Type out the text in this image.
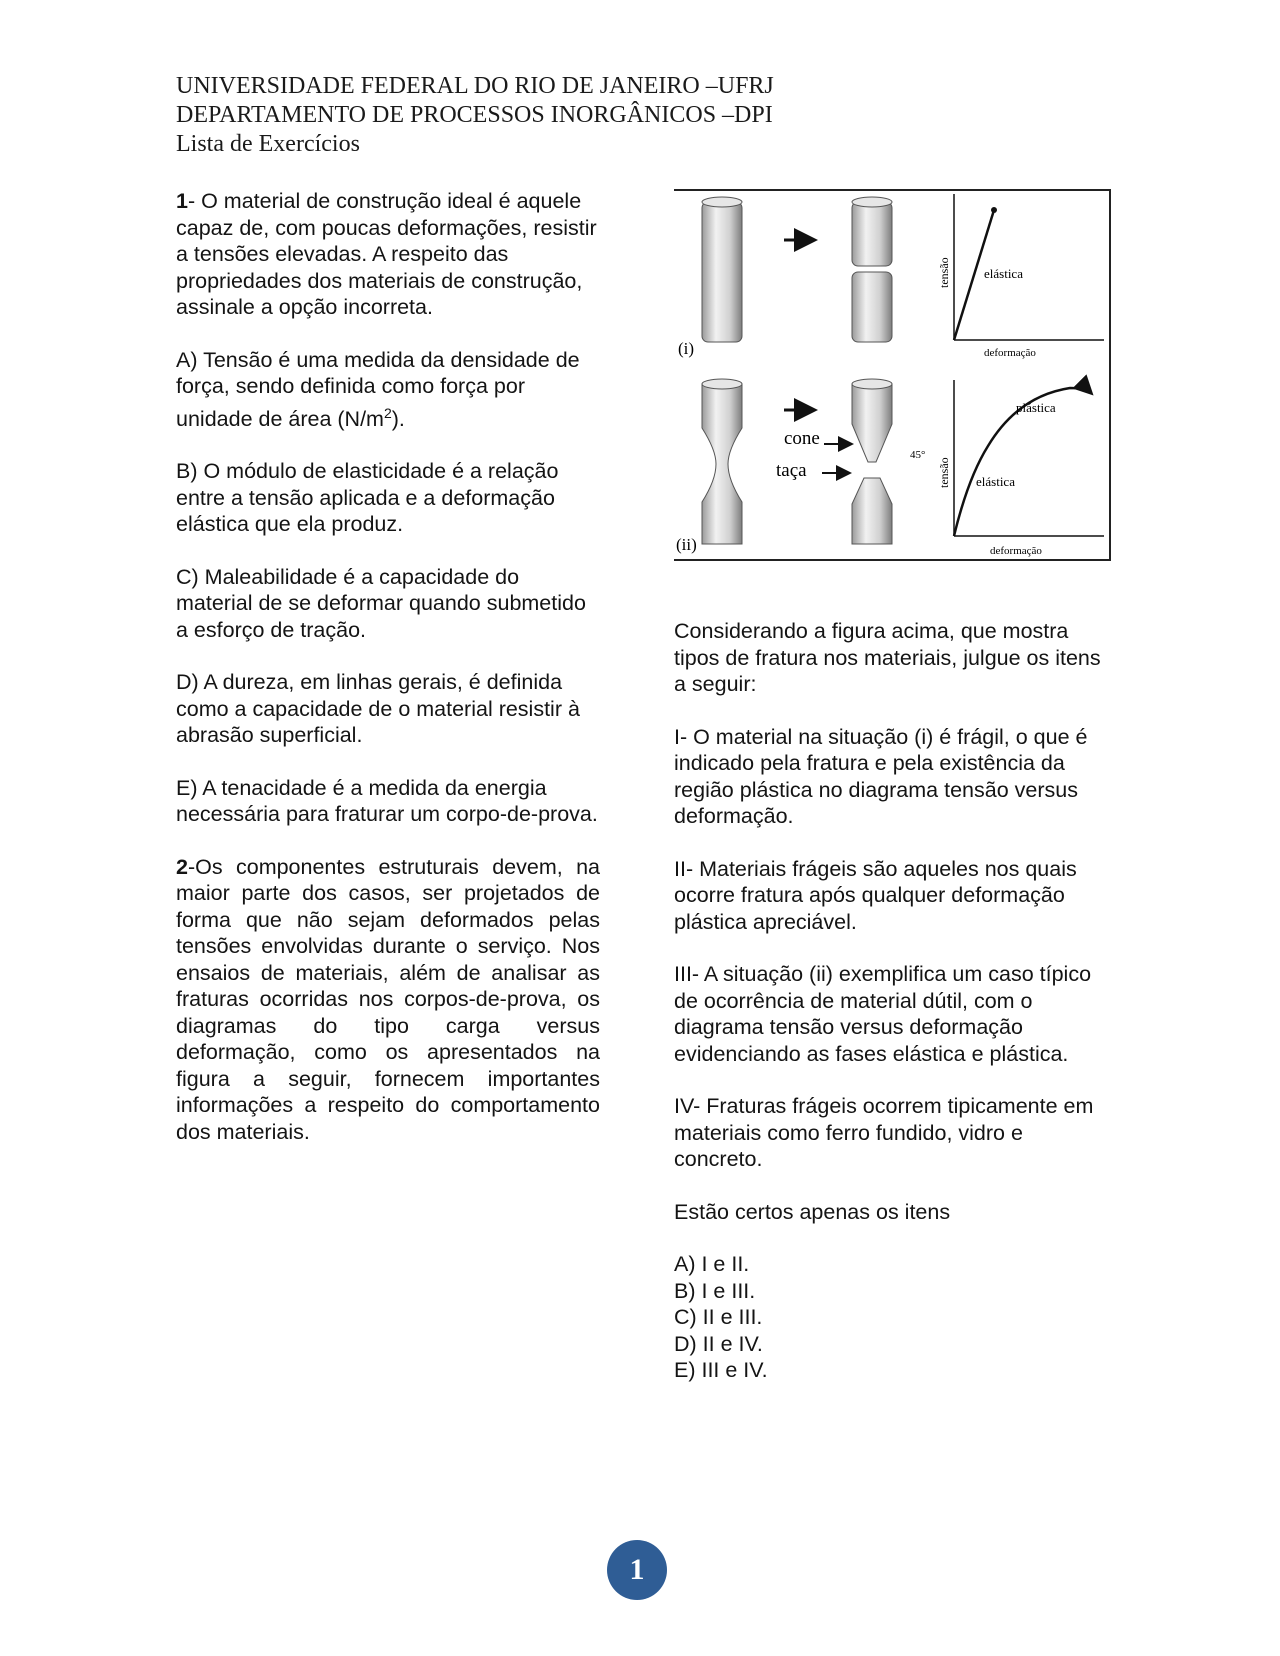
UNIVERSIDADE FEDERAL DO RIO DE JANEIRO –UFRJ
DEPARTAMENTO DE PROCESSOS INORGÂNICOS –DPI
Lista de Exercícios

1- O material de construção ideal é aquele capaz de, com poucas deformações, resistir a tensões elevadas. A respeito das propriedades dos materiais de construção, assinale a opção incorreta.

A) Tensão é uma medida da densidade de força, sendo definida como força por unidade de área $(N/m^2)$.

B) O módulo de elasticidade é a relação entre a tensão aplicada e a deformação elástica que ela produz.

C) Maleabilidade é a capacidade do material de se deformar quando submetido a esforço de tração.

D) A dureza, em linhas gerais, é definida como a capacidade de o material resistir à abrasão superficial.

E) A tenacidade é a medida da energia necessária para fraturar um corpo-de-prova.

2-Os componentes estruturais devem, na maior parte dos casos, ser projetados de forma que não sejam deformados pelas tensões envolvidas durante o serviço. Nos ensaios de materiais, além de analisar as fraturas ocorridas nos corpos-de-prova, os diagramas do tipo carga versus deformação, como os apresentados na figura a seguir, fornecem importantes informações a respeito do comportamento dos materiais.

tensão	elástica
deformação
(i)
cone
taça
45°
tensão
plástica
elástica
deformação
(ii)

Considerando a figura acima, que mostra tipos de fratura nos materiais, julgue os itens a seguir:

I- O material na situação (i) é frágil, o que é indicado pela fratura e pela existência da região plástica no diagrama tensão versus deformação.

II- Materiais frágeis são aqueles nos quais ocorre fratura após qualquer deformação plástica apreciável.

III- A situação (ii) exemplifica um caso típico de ocorrência de material dútil, com o diagrama tensão versus deformação evidenciando as fases elástica e plástica.

IV- Fraturas frágeis ocorrem tipicamente em materiais como ferro fundido, vidro e concreto.

Estão certos apenas os itens

A) I e II.
B) I e III.
C) II e III.
D) II e IV.
E) III e IV.
1
